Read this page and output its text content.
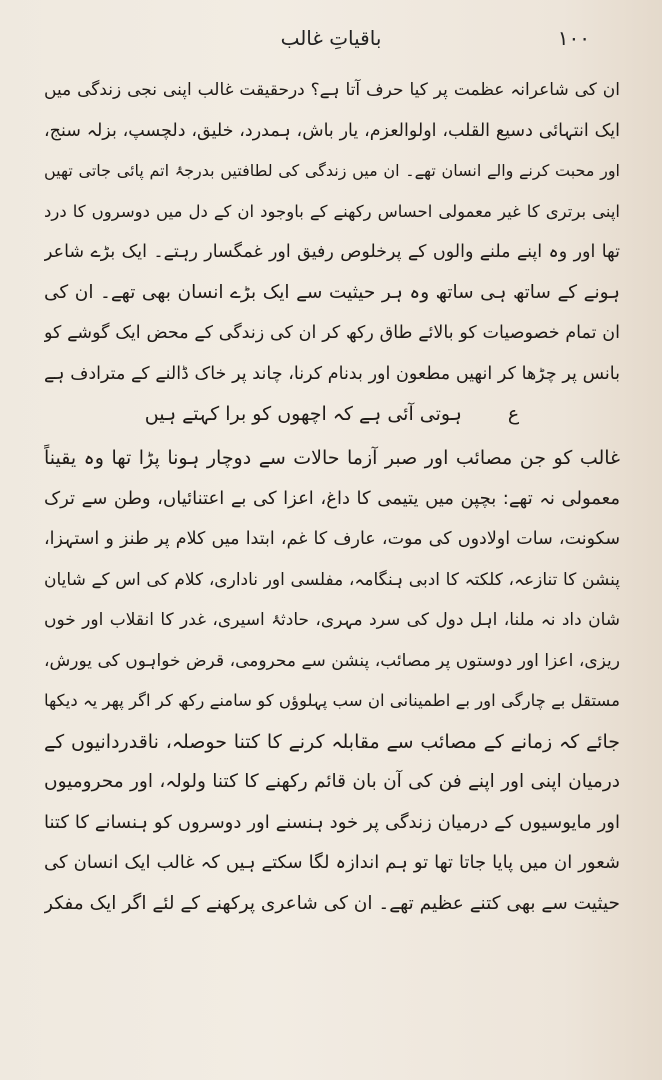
۱۰۰
باقیاتِ غالب
ان کی شاعرانہ عظمت پر کیا حرف آتا ہے؟ درحقیقت غالب اپنی نجی زندگی میں
ایک انتہائی دسیع القلب، اولوالعزم، یار باش، ہمدرد، خلیق، دلچسپ، بزلہ سنج،
اور محبت کرنے والے انسان تھے۔ ان میں زندگی کی لطافتیں بدرجۂ اتم پائی جاتی تھیں
اپنی برتری کا غیر معمولی احساس رکھنے کے باوجود ان کے دل میں دوسروں کا درد
تھا اور وہ اپنے ملنے والوں کے پرخلوص رفیق اور غمگسار رہتے۔ ایک بڑے شاعر
ہونے کے ساتھ ہی ساتھ وہ ہر حیثیت سے ایک بڑے انسان بھی تھے۔ ان کی
ان تمام خصوصیات کو بالائے طاق رکھ کر ان کی زندگی کے محض ایک گوشے کو
بانس پر چڑھا کر انھیں مطعون اور بدنام کرنا، چاند پر خاک ڈالنے کے مترادف ہے
ع ہوتی آئی ہے کہ اچھوں کو برا کہتے ہیں
غالب کو جن مصائب اور صبر آزما حالات سے دوچار ہونا پڑا تھا وہ یقیناً
معمولی نہ تھے: بچپن میں یتیمی کا داغ، اعزا کی بے اعتنائیاں، وطن سے ترک
سکونت، سات اولادوں کی موت، عارف کا غم، ابتدا میں کلام پر طنز و استہزا،
پنشن کا تنازعہ، کلکتہ کا ادبی ہنگامہ، مفلسی اور ناداری، کلام کی اس کے شایان
شان داد نہ ملنا، اہل دول کی سرد مہری، حادثۂ اسیری، غدر کا انقلاب اور خوں
ریزی، اعزا اور دوستوں پر مصائب، پنشن سے محرومی، قرض خواہوں کی یورش،
مستقل بے چارگی اور بے اطمینانی ان سب پہلوؤں کو سامنے رکھ کر اگر پھر یہ دیکھا
جائے کہ زمانے کے مصائب سے مقابلہ کرنے کا کتنا حوصلہ، ناقدردانیوں کے
درمیان اپنی اور اپنے فن کی آن بان قائم رکھنے کا کتنا ولولہ، اور محرومیوں
اور مایوسیوں کے درمیان زندگی پر خود ہنسنے اور دوسروں کو ہنسانے کا کتنا
شعور ان میں پایا جاتا تھا تو ہم اندازہ لگا سکتے ہیں کہ غالب ایک انسان کی
حیثیت سے بھی کتنے عظیم تھے۔ ان کی شاعری پرکھنے کے لئے اگر ایک مفکر
